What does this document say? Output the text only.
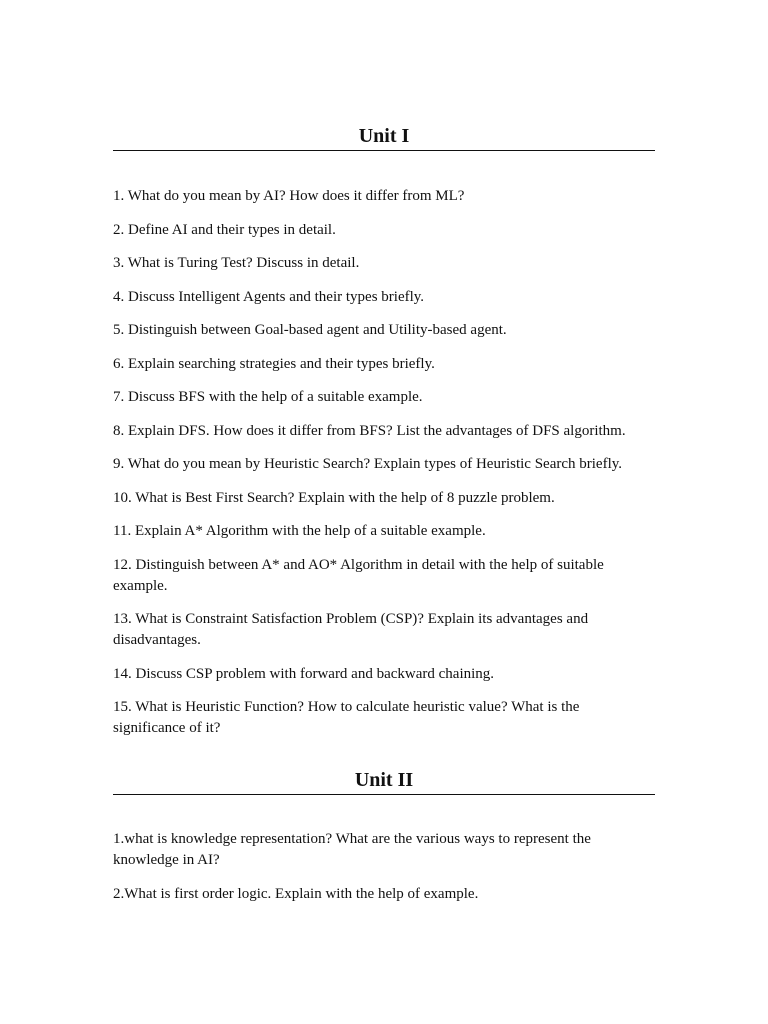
Unit I
1. What do you mean by AI? How does it differ from ML?
2. Define AI and their types in detail.
3. What is Turing Test? Discuss in detail.
4. Discuss Intelligent Agents and their types briefly.
5. Distinguish between Goal-based agent and Utility-based agent.
6. Explain searching strategies and their types briefly.
7. Discuss BFS with the help of a suitable example.
8. Explain DFS. How does it differ from BFS? List the advantages of DFS algorithm.
9. What do you mean by Heuristic Search? Explain types of Heuristic Search briefly.
10. What is Best First Search? Explain with the help of 8 puzzle problem.
11. Explain A* Algorithm with the help of a suitable example.
12. Distinguish between A* and AO* Algorithm in detail with the help of suitable example.
13. What is Constraint Satisfaction Problem (CSP)? Explain its advantages and disadvantages.
14. Discuss CSP problem with forward and backward chaining.
15. What is Heuristic Function? How to calculate heuristic value? What is the significance of it?
Unit II
1.what is knowledge representation? What are the various ways to represent the knowledge in AI?
2.What is first order logic. Explain with the help of example.
